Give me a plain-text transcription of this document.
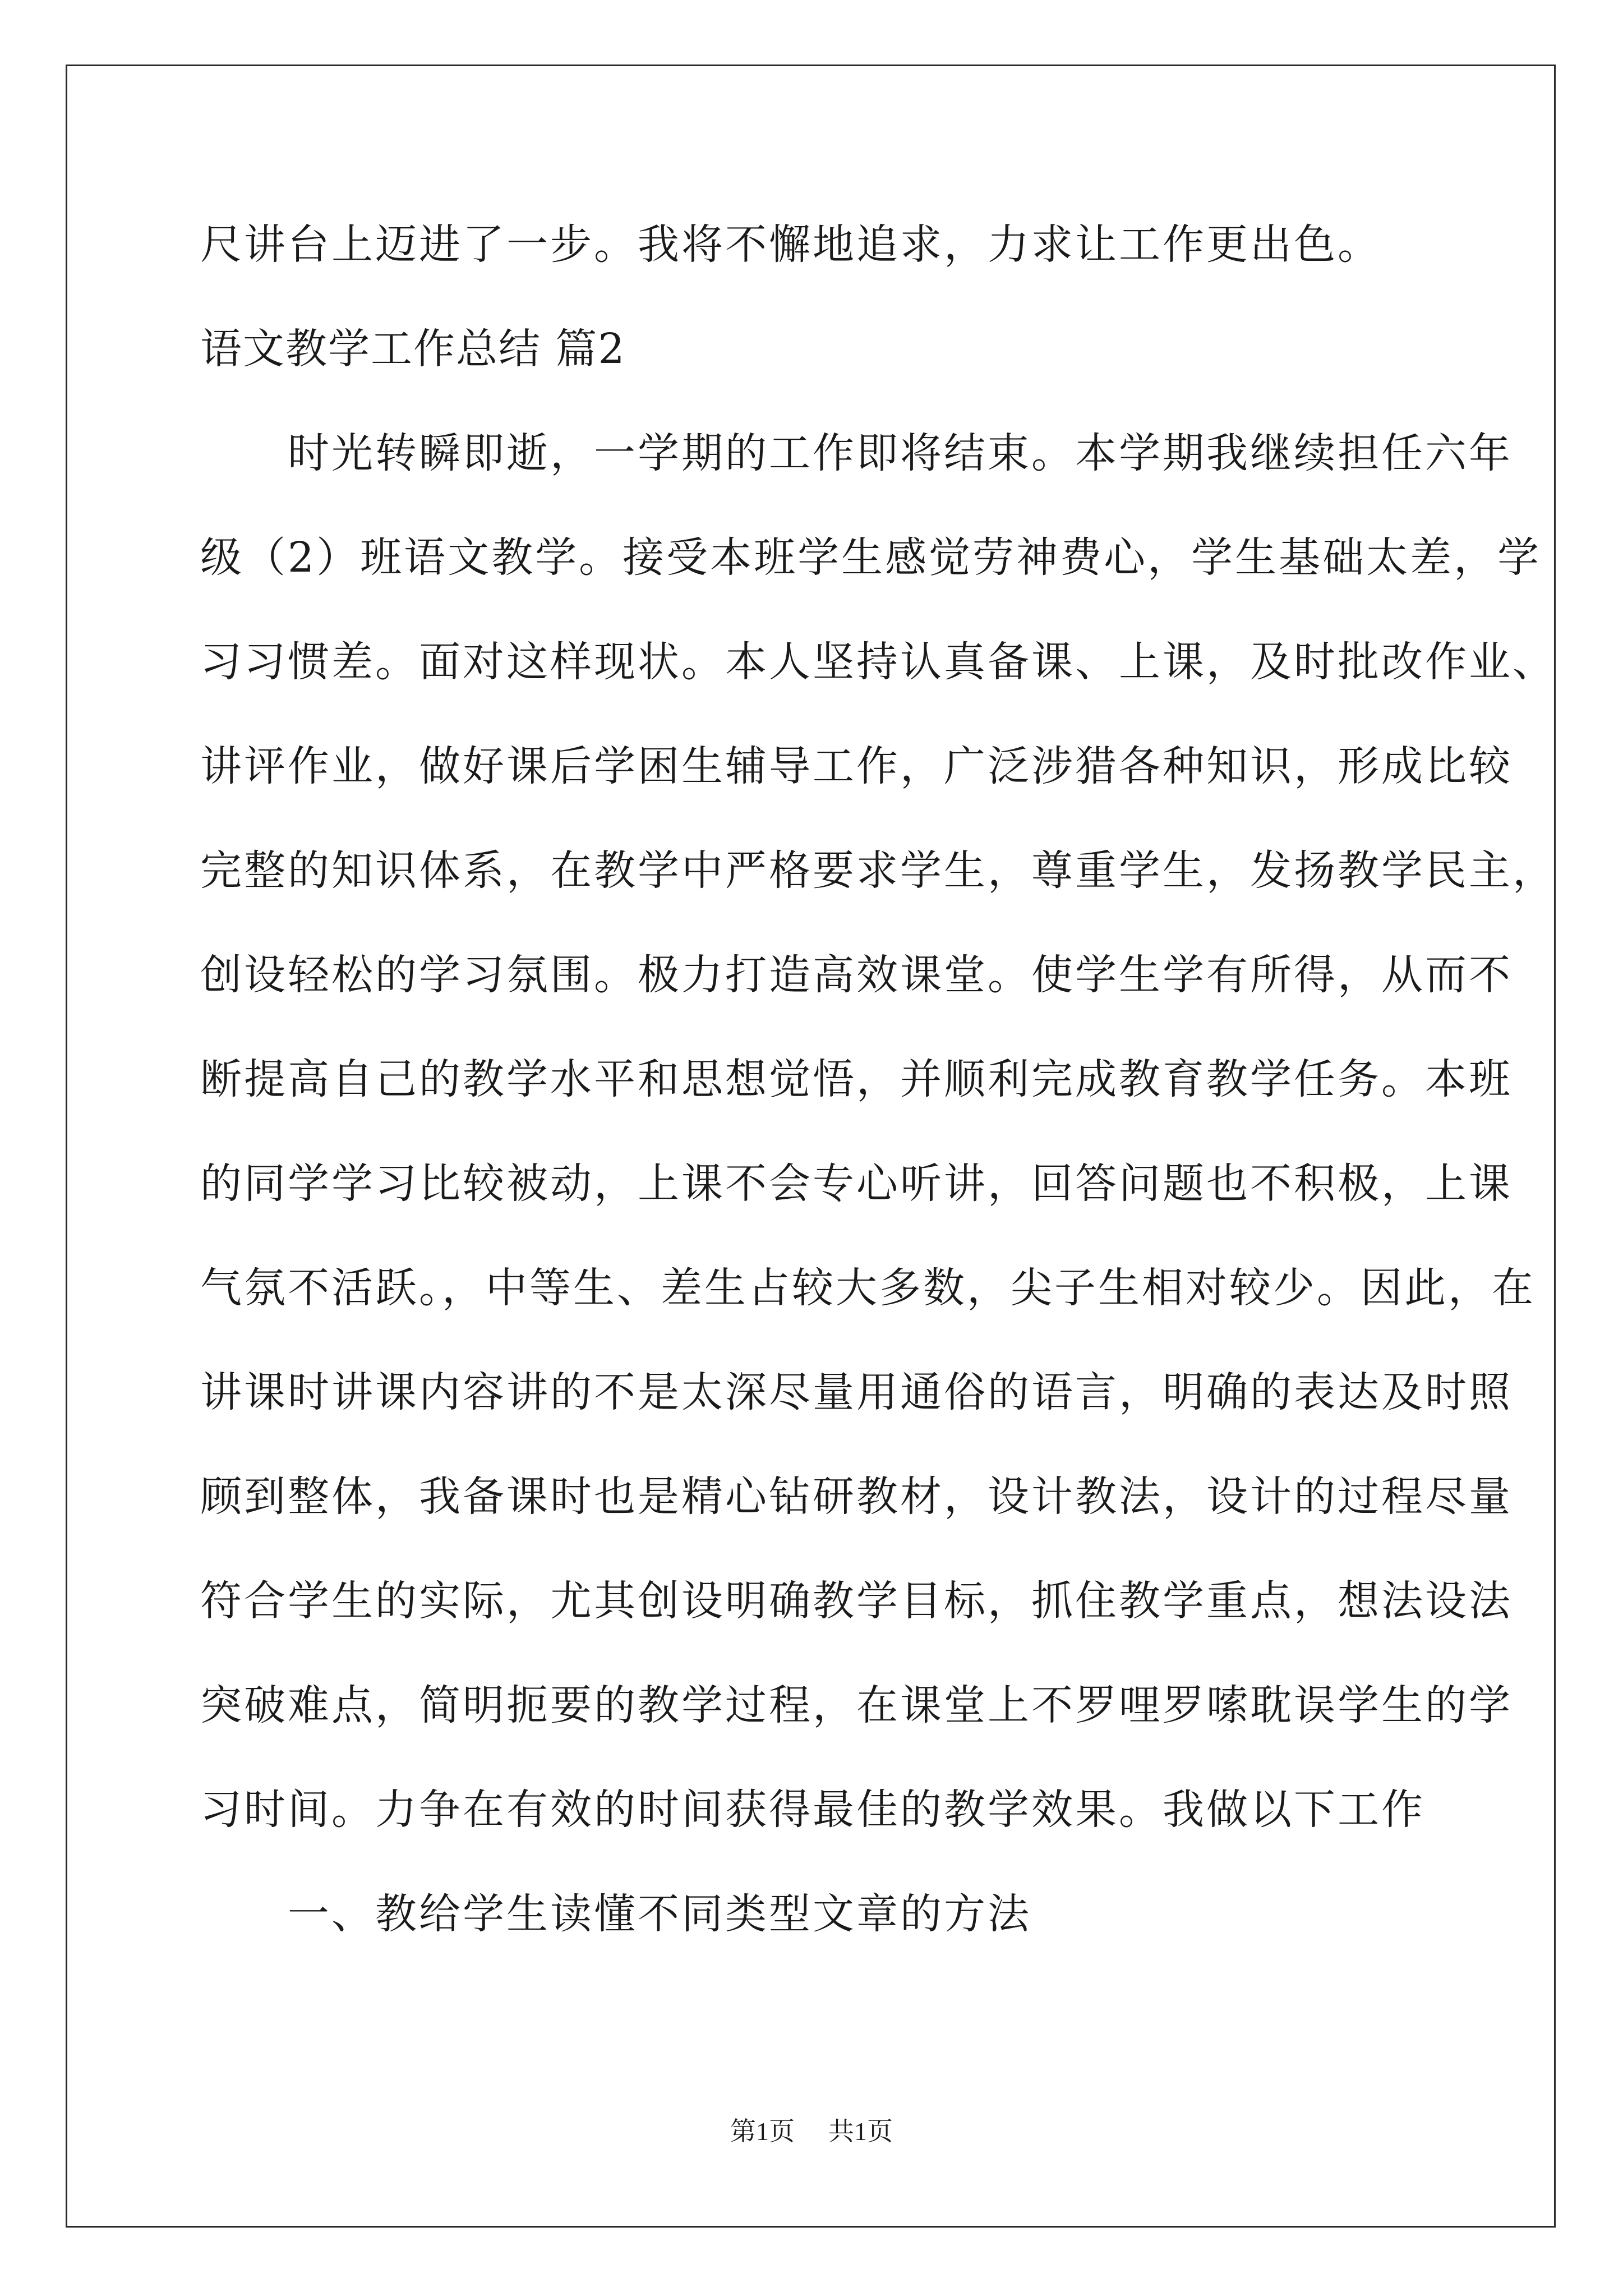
尺讲台上迈进了一步。我将不懈地追求，力求让工作更出色。
语文教学工作总结 篇2
　　时光转瞬即逝，一学期的工作即将结束。本学期我继续担任六年
级（2）班语文教学。接受本班学生感觉劳神费心，学生基础太差，学
习习惯差。面对这样现状。本人坚持认真备课、上课，及时批改作业、
讲评作业，做好课后学困生辅导工作，广泛涉猎各种知识，形成比较
完整的知识体系，在教学中严格要求学生，尊重学生，发扬教学民主，
创设轻松的学习氛围。极力打造高效课堂。使学生学有所得，从而不
断提高自己的教学水平和思想觉悟，并顺利完成教育教学任务。本班
的同学学习比较被动，上课不会专心听讲，回答问题也不积极，上课
气氛不活跃。，中等生、差生占较大多数，尖子生相对较少。因此，在
讲课时讲课内容讲的不是太深尽量用通俗的语言，明确的表达及时照
顾到整体，我备课时也是精心钻研教材，设计教法，设计的过程尽量
符合学生的实际，尤其创设明确教学目标，抓住教学重点，想法设法
突破难点，简明扼要的教学过程，在课堂上不罗哩罗嗦耽误学生的学
习时间。力争在有效的时间获得最佳的教学效果。我做以下工作
　　一、教给学生读懂不同类型文章的方法
第1页 共1页
